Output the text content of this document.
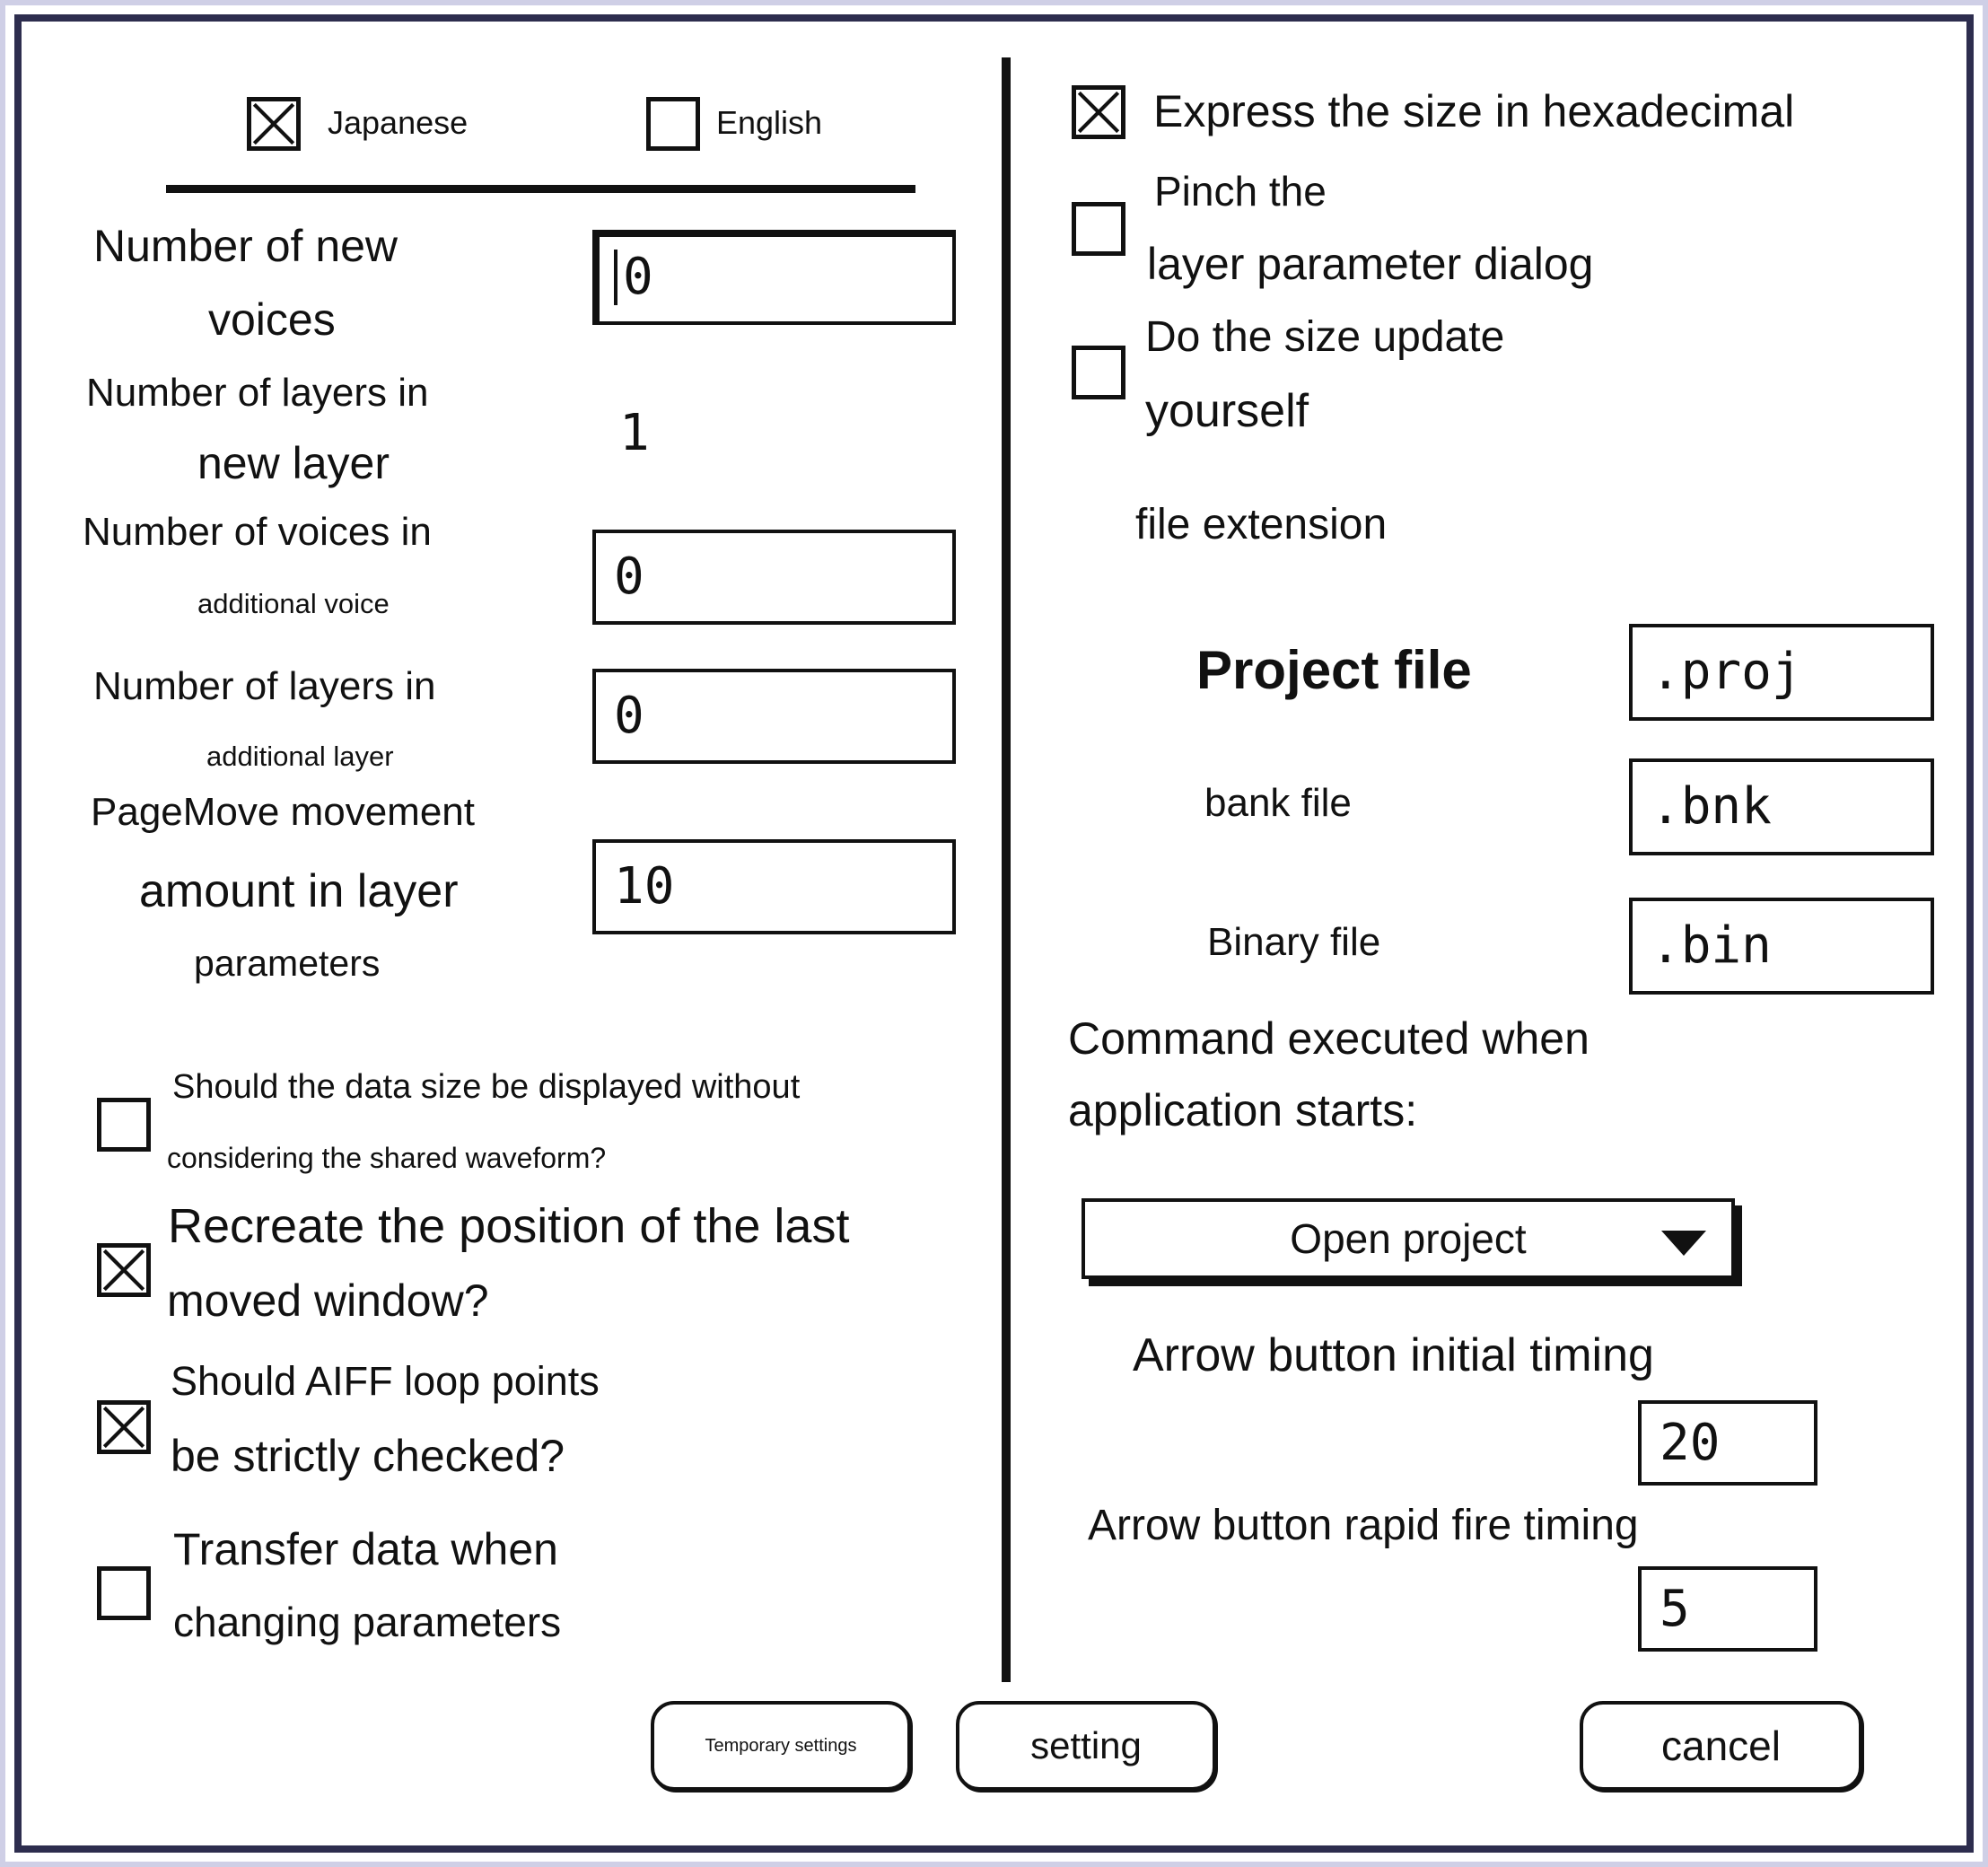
Japanese	English
Number of new
voices
0
Number of layers in
new layer
1
Number of voices in
additional voice	0
Number of layers in
additional layer
0
PageMove movement
amount in layer
parameters
10
Should the data size be displayed without
considering the shared waveform?
Recreate the position of the last
moved window?
Should AIFF loop points
be strictly checked?
Transfer data when
changing parameters
Express the size in hexadecimal
Pinch the
layer parameter dialog
Do the size update
yourself
file extension
Project file	.proj
bank file	.bnk
Binary file	.bin
Command executed when
application starts:
Open project
Arrow button initial timing
20
Arrow button rapid fire timing
5
Temporary settings	setting	cancel
